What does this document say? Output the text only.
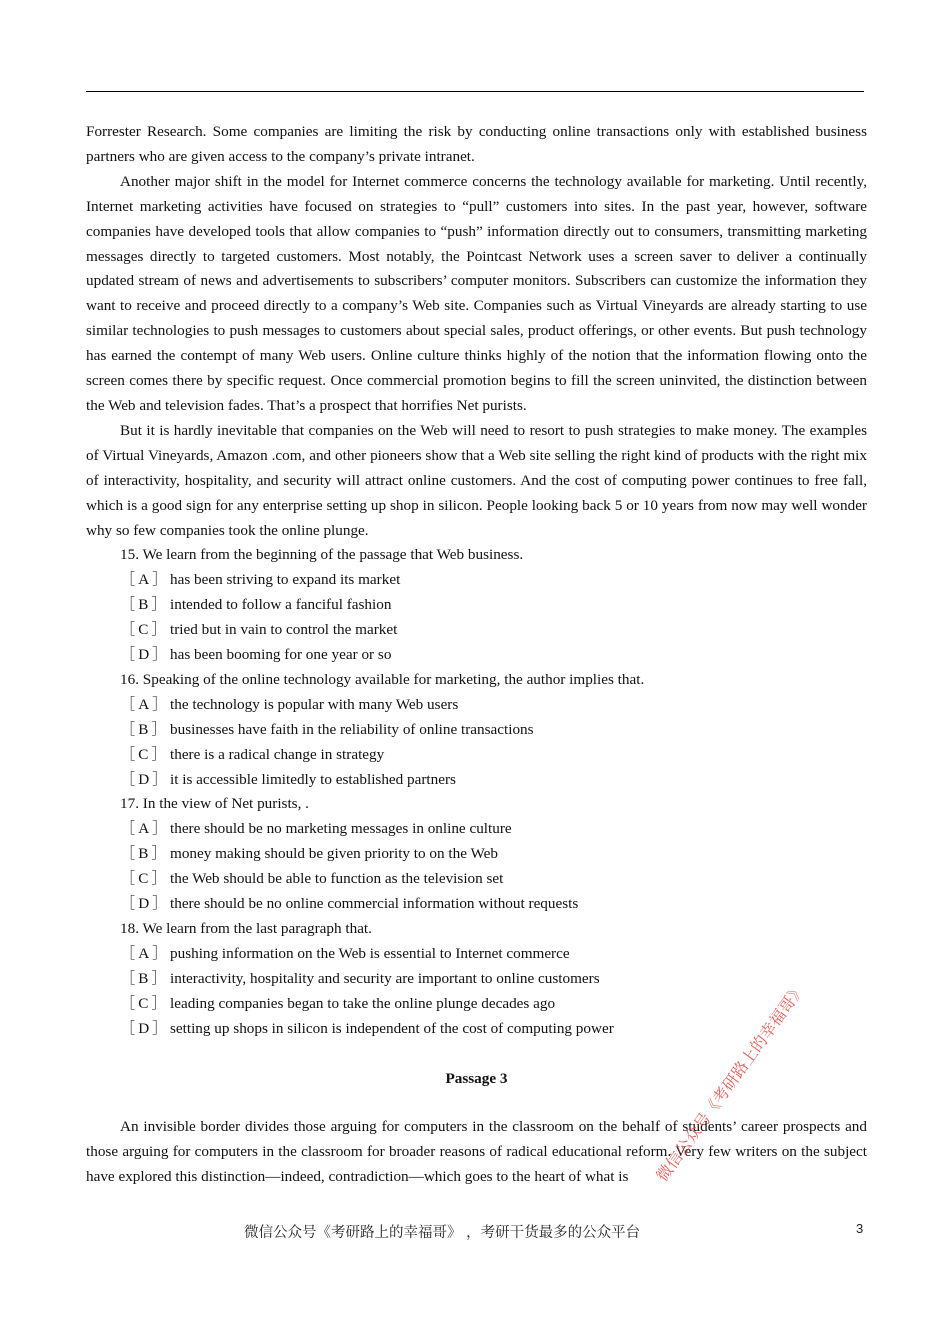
Forrester Research. Some companies are limiting the risk by conducting online transactions only with established business partners who are given access to the company’s private intranet.

Another major shift in the model for Internet commerce concerns the technology available for marketing. Until recently, Internet marketing activities have focused on strategies to “pull” customers into sites. In the past year, however, software companies have developed tools that allow companies to “push” information directly out to consumers, transmitting marketing messages directly to targeted customers. Most notably, the Pointcast Network uses a screen saver to deliver a continually updated stream of news and advertisements to subscribers’ computer monitors. Subscribers can customize the information they want to receive and proceed directly to a company’s Web site. Companies such as Virtual Vineyards are already starting to use similar technologies to push messages to customers about special sales, product offerings, or other events. But push technology has earned the contempt of many Web users. Online culture thinks highly of the notion that the information flowing onto the screen comes there by specific request. Once commercial promotion begins to fill the screen uninvited, the distinction between the Web and television fades. That’s a prospect that horrifies Net purists.

But it is hardly inevitable that companies on the Web will need to resort to push strategies to make money. The examples of Virtual Vineyards, Amazon .com, and other pioneers show that a Web site selling the right kind of products with the right mix of interactivity, hospitality, and security will attract online customers. And the cost of computing power continues to free fall, which is a good sign for any enterprise setting up shop in silicon. People looking back 5 or 10 years from now may well wonder why so few companies took the online plunge.

15. We learn from the beginning of the passage that Web business.

［A］ has been striving to expand its market
［B］ intended to follow a fanciful fashion
［C］ tried but in vain to control the market
［D］ has been booming for one year or so

16. Speaking of the online technology available for marketing, the author implies that.

［A］ the technology is popular with many Web users
［B］ businesses have faith in the reliability of online transactions
［C］ there is a radical change in strategy
［D］ it is accessible limitedly to established partners

17. In the view of Net purists, .

［A］ there should be no marketing messages in online culture
［B］ money making should be given priority to on the Web
［C］ the Web should be able to function as the television set
［D］ there should be no online commercial information without requests

18. We learn from the last paragraph that.

［A］ pushing information on the Web is essential to Internet commerce
［B］ interactivity, hospitality and security are important to online customers
［C］ leading companies began to take the online plunge decades ago
［D］ setting up shops in silicon is independent of the cost of computing power

Passage 3

An invisible border divides those arguing for computers in the classroom on the behalf of students’ career prospects and those arguing for computers in the classroom for broader reasons of radical educational reform. Very few writers on the subject have explored this distinction—indeed, contradiction—which goes to the heart of what is

微信公众号《考研路上的幸福哥》 ，考研干货最多的公众平台	3
微信公众号《考研路上的幸福哥》
